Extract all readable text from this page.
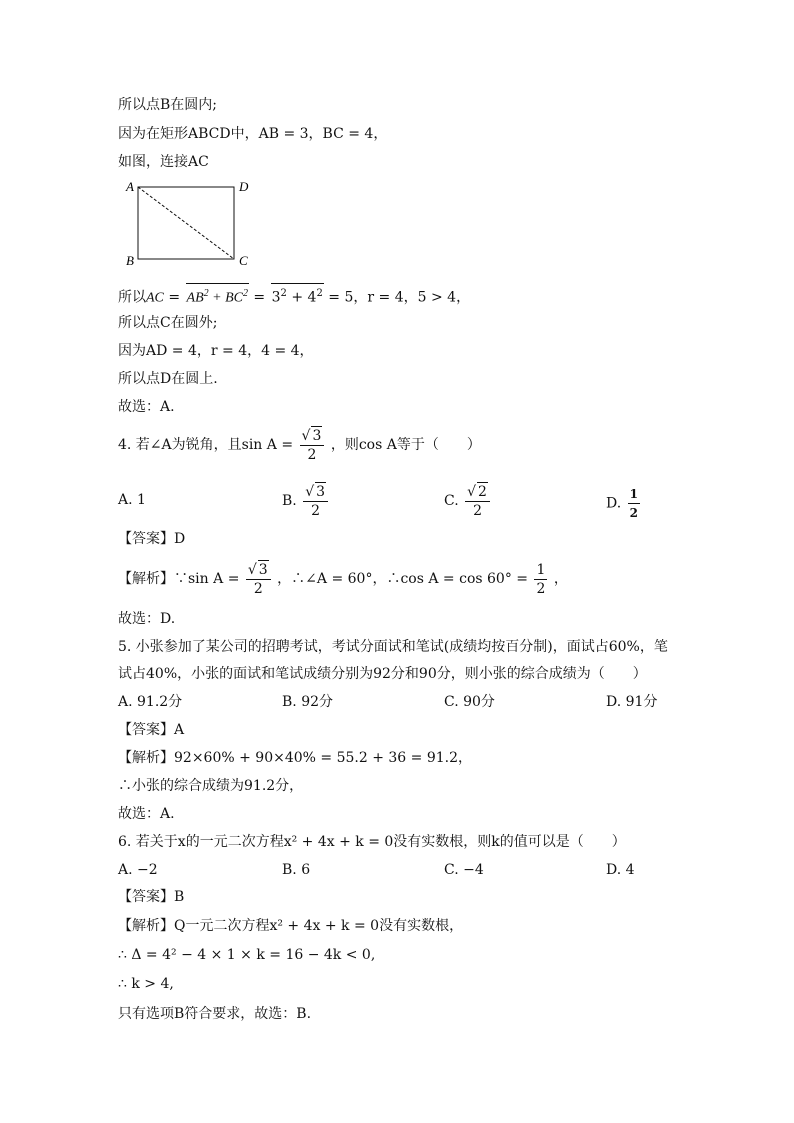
所以点B在圆内;
因为在矩形ABCD中，AB = 3，BC = 4，
如图，连接AC
A	D
B	C
所以AC = $AB^2 + BC^2 = 3^2 + 4^2 = 5$，r = 4，5 > 4，
所以点C在圆外;
因为AD = 4，r = 4，4 = 4，
所以点D在圆上.
故选：A.
4. 若∠A为锐角，且$\sin A = \frac{√ 3}{2}$ ，则cos A等于（　　）
A. 1	B. $\frac{√ 3}{2}$	C. $\frac{√ 2}{2}$	D. $\frac{1}{2}$
【答案】D
【解析】∵sin $A = \frac{√ 3}{2}$ ，∴∠A = 60°，∴cos $A = \cos 60^\circ = \frac{1}{2}$ ，
故选：D.
5. 小张参加了某公司的招聘考试，考试分面试和笔试(成绩均按百分制)，面试占60%，笔
试占40%，小张的面试和笔试成绩分别为92分和90分，则小张的综合成绩为（　　）
A. 91.2分	B. 92分	C. 90分	D. 91分
【答案】A
【解析】92×60% + 90×40% = 55.2 + 36 = 91.2，
∴小张的综合成绩为91.2分，
故选：A.
6. 若关于x的一元二次方程x² + 4x + k = 0没有实数根，则k的值可以是（　　）
A. −2	B. 6	C. −4	D. 4
【答案】B
【解析】Q一元二次方程x² + 4x + k = 0没有实数根，
∴ Δ = 4² − 4 × 1 × k = 16 − 4k < 0,
∴ k > 4,
只有选项B符合要求，故选：B.
